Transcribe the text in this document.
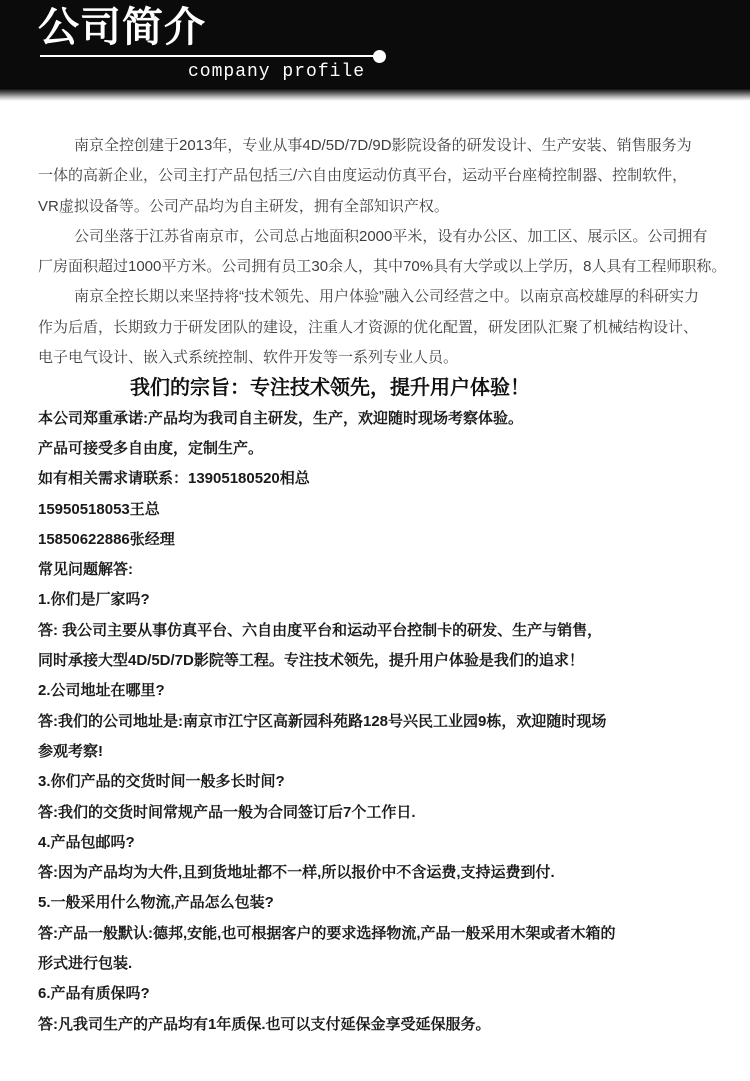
公司简介
company profile

南京全控创建于2013年，专业从事4D/5D/7D/9D影院设备的研发设计、生产安装、销售服务为

一体的高新企业，公司主打产品包括三/六自由度运动仿真平台，运动平台座椅控制器、控制软件，

VR虚拟设备等。公司产品均为自主研发，拥有全部知识产权。

公司坐落于江苏省南京市，公司总占地面积2000平米，设有办公区、加工区、展示区。公司拥有

厂房面积超过1000平方米。公司拥有员工30余人，其中70%具有大学或以上学历，8人具有工程师职称。

南京全控长期以来坚持将“技术领先、用户体验”融入公司经营之中。以南京高校雄厚的科研实力

作为后盾，长期致力于研发团队的建设，注重人才资源的优化配置，研发团队汇聚了机械结构设计、

电子电气设计、嵌入式系统控制、软件开发等一系列专业人员。

我们的宗旨：专注技术领先，提升用户体验！

本公司郑重承诺:产品均为我司自主研发，生产，欢迎随时现场考察体验。

产品可接受多自由度，定制生产。

如有相关需求请联系：13905180520相总

15950518053王总

15850622886张经理

常见问题解答:

1.你们是厂家吗?

答: 我公司主要从事仿真平台、六自由度平台和运动平台控制卡的研发、生产与销售，

同时承接大型4D/5D/7D影院等工程。专注技术领先，提升用户体验是我们的追求！

2.公司地址在哪里?

答:我们的公司地址是:南京市江宁区高新园科苑路128号兴民工业园9栋，欢迎随时现场

参观考察!

3.你们产品的交货时间一般多长时间?

答:我们的交货时间常规产品一般为合同签订后7个工作日.

4.产品包邮吗?

答:因为产品均为大件,且到货地址都不一样,所以报价中不含运费,支持运费到付.

5.一般采用什么物流,产品怎么包装?

答:产品一般默认:德邦,安能,也可根据客户的要求选择物流,产品一般采用木架或者木箱的

形式进行包装.

6.产品有质保吗?

答:凡我司生产的产品均有1年质保.也可以支付延保金享受延保服务。
